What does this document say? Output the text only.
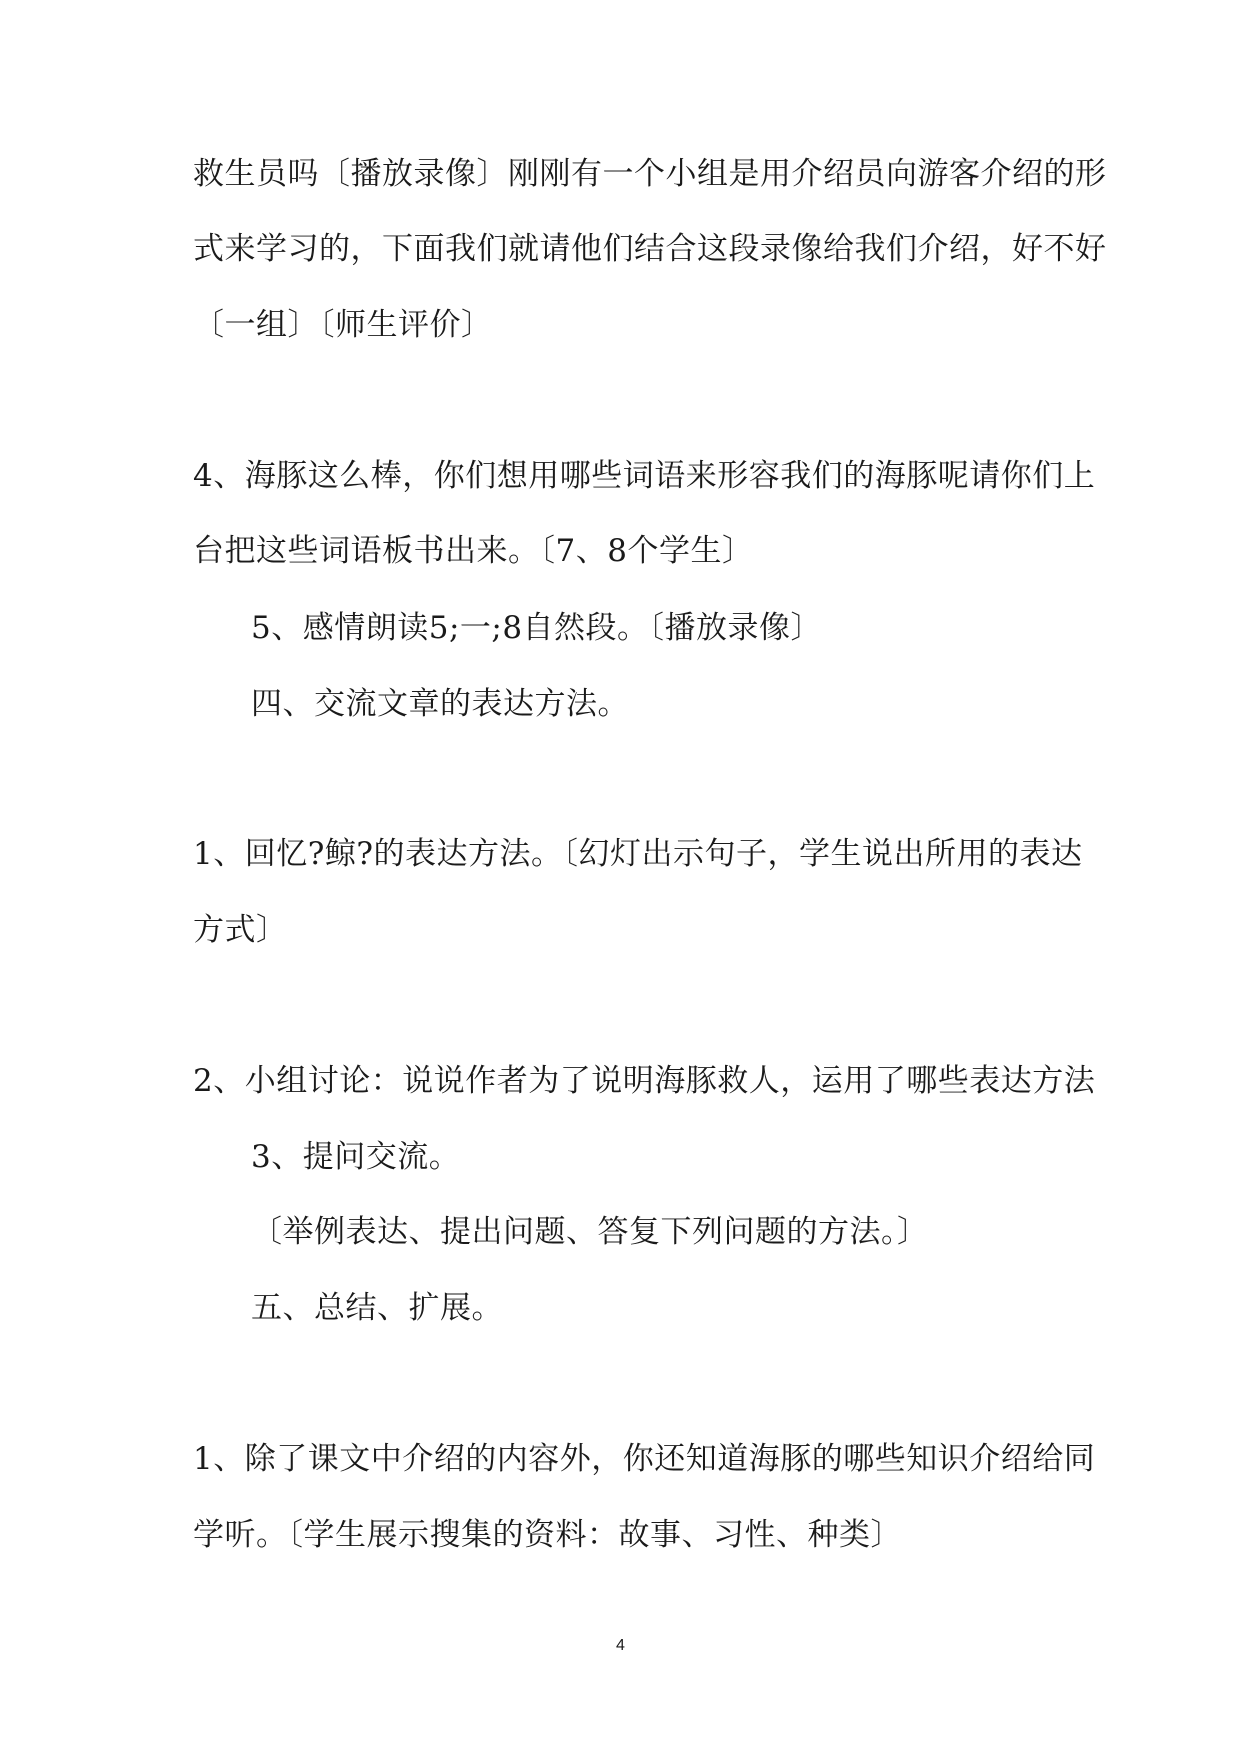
救生员吗〔播放录像〕刚刚有一个小组是用介绍员向游客介绍的形
式来学习的，下面我们就请他们结合这段录像给我们介绍，好不好
〔一组〕〔师生评价〕
4、海豚这么棒，你们想用哪些词语来形容我们的海豚呢请你们上
台把这些词语板书出来。〔7、8个学生〕
5、感情朗读5;一;8自然段。〔播放录像〕
四、交流文章的表达方法。
1、回忆?鲸?的表达方法。〔幻灯出示句子，学生说出所用的表达
方式〕
2、小组讨论：说说作者为了说明海豚救人，运用了哪些表达方法
3、提问交流。
〔举例表达、提出问题、答复下列问题的方法。〕
五、总结、扩展。
1、除了课文中介绍的内容外，你还知道海豚的哪些知识介绍给同
学听。〔学生展示搜集的资料：故事、习性、种类〕
4
